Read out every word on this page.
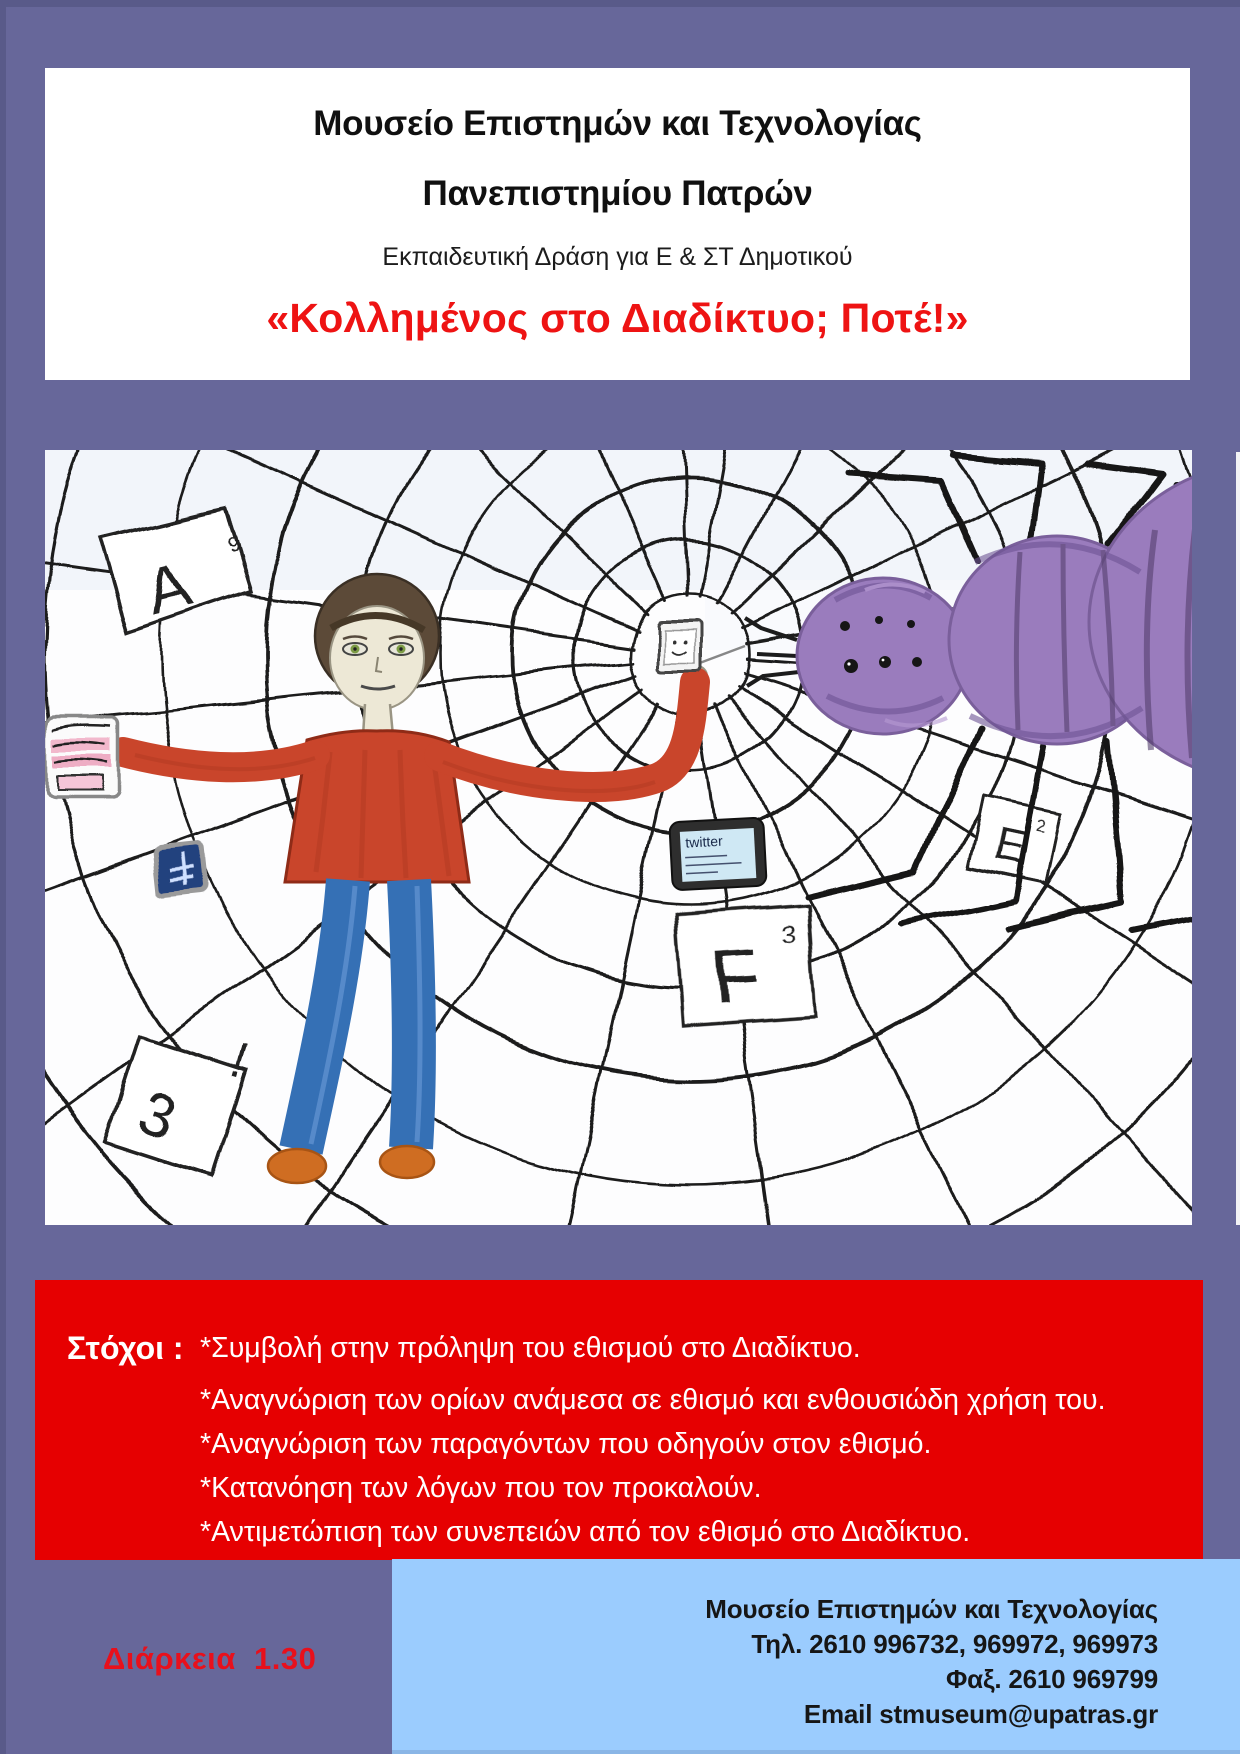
Μουσείο Επιστημών και Τεχνολογίας
Πανεπιστημίου Πατρών
Εκπαιδευτική Δράση για Ε & ΣΤ Δημοτικού
«Κολλημένος στο Διαδίκτυο; Ποτέ!»
A
9
E 2
F 3
3
!
twitter
Στόχοι : *Συμβολή στην πρόληψη του εθισμού στο Διαδίκτυο.
*Αναγνώριση των ορίων ανάμεσα σε εθισμό και ενθουσιώδη χρήση του.
*Αναγνώριση των παραγόντων που οδηγούν στον εθισμό.
*Κατανόηση των λόγων που τον προκαλούν.
*Αντιμετώπιση των συνεπειών από τον εθισμό στο Διαδίκτυο.
Διάρκεια  1.30
Μουσείο Επιστημών και Τεχνολογίας
Τηλ. 2610 996732, 969972, 969973
Φαξ. 2610 969799
Email stmuseum@upatras.gr
